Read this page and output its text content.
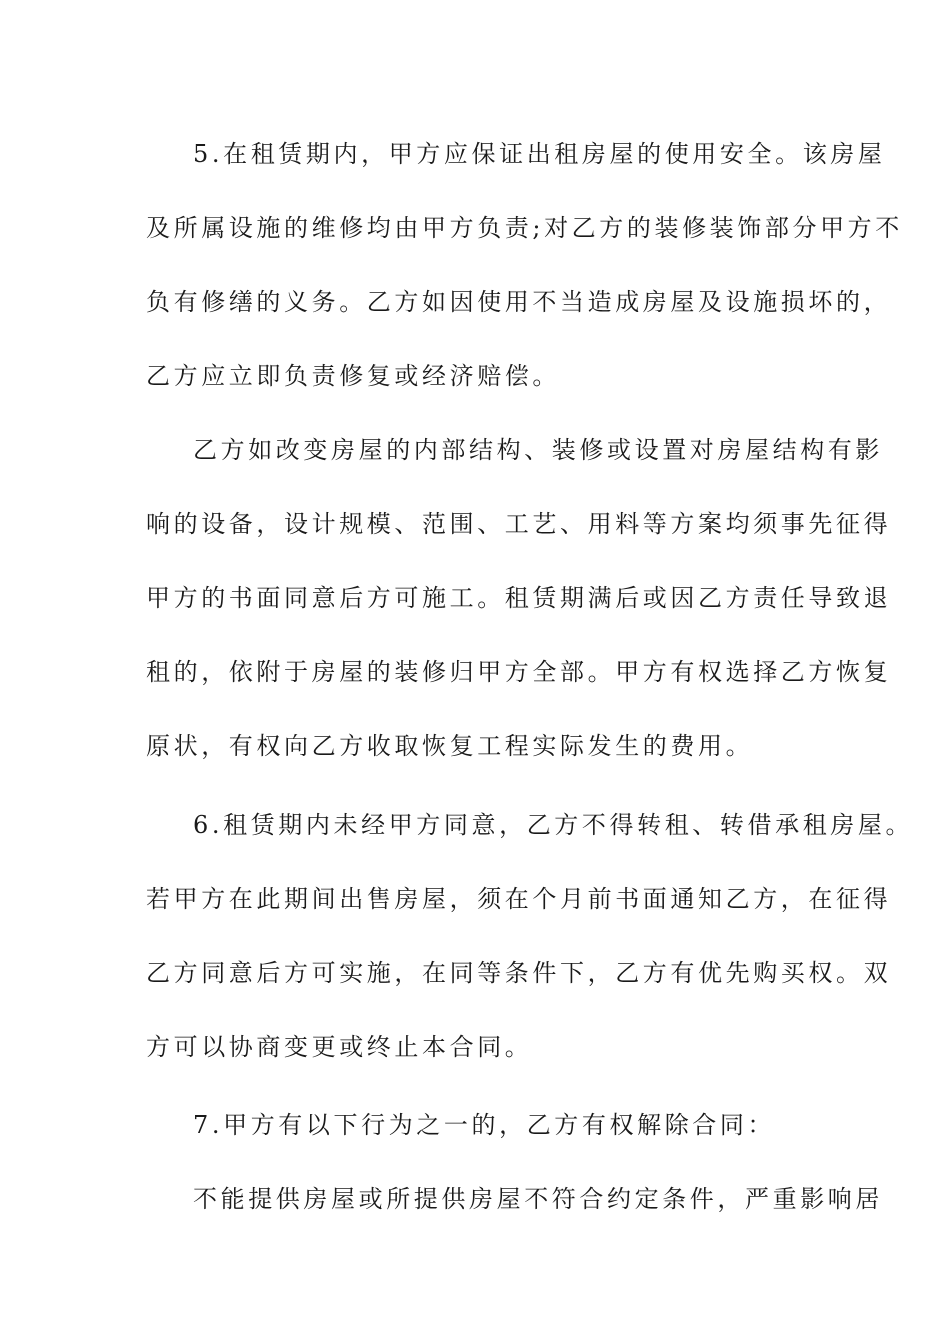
5.在租赁期内，甲方应保证出租房屋的使用安全。该房屋
及所属设施的维修均由甲方负责;对乙方的装修装饰部分甲方不
负有修缮的义务。乙方如因使用不当造成房屋及设施损坏的，
乙方应立即负责修复或经济赔偿。
乙方如改变房屋的内部结构、装修或设置对房屋结构有影
响的设备，设计规模、范围、工艺、用料等方案均须事先征得
甲方的书面同意后方可施工。租赁期满后或因乙方责任导致退
租的，依附于房屋的装修归甲方全部。甲方有权选择乙方恢复
原状，有权向乙方收取恢复工程实际发生的费用。
6.租赁期内未经甲方同意，乙方不得转租、转借承租房屋。
若甲方在此期间出售房屋，须在个月前书面通知乙方，在征得
乙方同意后方可实施，在同等条件下，乙方有优先购买权。双
方可以协商变更或终止本合同。
7.甲方有以下行为之一的，乙方有权解除合同：
不能提供房屋或所提供房屋不符合约定条件，严重影响居
